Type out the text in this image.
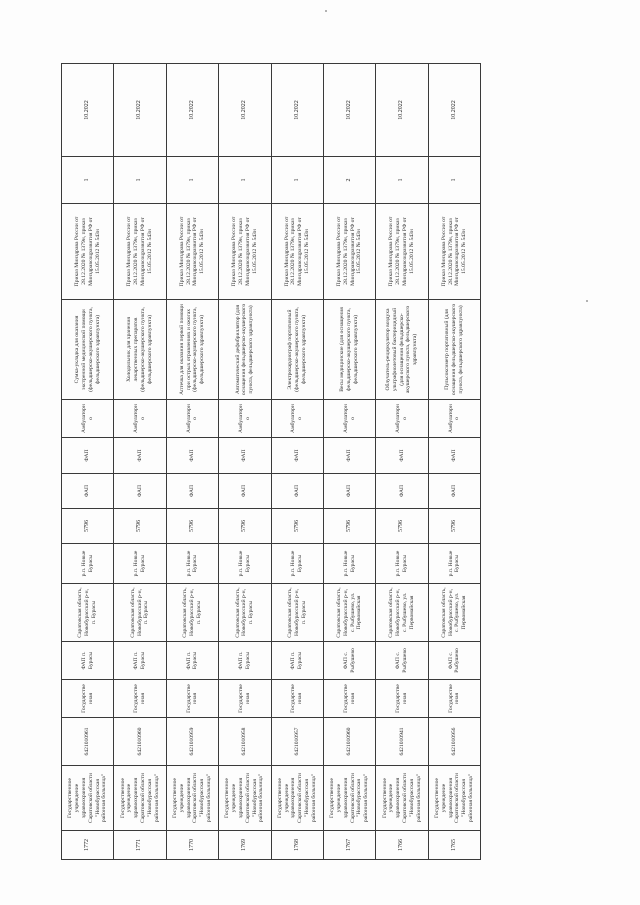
1772	Государственное учреждение здравоохранения Саратовской области "Новобурасская районная больница"	6421010961	Государственная	ФАП п. Бурасы	Саратовская область, Новобурасский р-н, п. Бурасы	р.п. Новые Бурасы	5796	ФАП	ФАП	Амбулаторно	Сумка-укладка для оказания экстренной медицинской помощи (фельдшерско-акушерского пункта, фельдшерского здравпункта)	Приказ Минздрава России от 28.12.2020 № 1379н, приказ Минздравсоцразвития РФ от 15.05.2012 № 543н	1	10.2022
1771	Государственное учреждение здравоохранения Саратовской области "Новобурасская районная больница"	6421010960	Государственная	ФАП п. Бурасы	Саратовская область, Новобурасский р-н, п. Бурасы	р.п. Новые Бурасы	5796	ФАП	ФАП	Амбулаторно	Холодильник для хранения лекарственных препаратов (фельдшерско-акушерского пункта, фельдшерского здравпункта)	Приказ Минздрава России от 28.12.2020 № 1379н, приказ Минздравсоцразвития РФ от 15.05.2012 № 543н	1	10.2022
1770	Государственное учреждение здравоохранения Саратовской области "Новобурасская районная больница"	6421010959	Государственная	ФАП п. Бурасы	Саратовская область, Новобурасский р-н, п. Бурасы	р.п. Новые Бурасы	5796	ФАП	ФАП	Амбулаторно	Аптечка для оказания первой помощи при острых отравлениях и ожогах (фельдшерско-акушерского пункта, фельдшерского здравпункта)	Приказ Минздрава России от 28.12.2020 № 1379н, приказ Минздравсоцразвития РФ от 15.05.2012 № 543н	1	10.2022
1769	Государственное учреждение здравоохранения Саратовской области "Новобурасская районная больница"	6421010958	Государственная	ФАП п. Бурасы	Саратовская область, Новобурасский р-н, п. Бурасы	р.п. Новые Бурасы	5796	ФАП	ФАП	Амбулаторно	Автоматический дефибриллятор (для оснащения фельдшерско-акушерского пункта, фельдшерского здравпункта)	Приказ Минздрава России от 28.12.2020 № 1379н, приказ Минздравсоцразвития РФ от 15.05.2012 № 543н	1	10.2022
1768	Государственное учреждение здравоохранения Саратовской области "Новобурасская районная больница"	6421010957	Государственная	ФАП п. Бурасы	Саратовская область, Новобурасский р-н, п. Бурасы	р.п. Новые Бурасы	5796	ФАП	ФАП	Амбулаторно	Электрокардиограф портативный (фельдшерско-акушерского пункта, фельдшерского здравпункта)	Приказ Минздрава России от 28.12.2020 № 1379н, приказ Минздравсоцразвития РФ от 15.05.2012 № 543н	1	10.2022
1767	Государственное учреждение здравоохранения Саратовской области "Новобурасская районная больница"	6421010960	Государственная	ФАП с. Рыбушево	Саратовская область, Новобурасский р-н, с. Рыбушево, ул. Первомайская	р.п. Новые Бурасы	5796	ФАП	ФАП	Амбулаторно	Весы медицинские (для оснащения фельдшерско-акушерского пункта, фельдшерского здравпункта)	Приказ Минздрава России от 28.12.2020 № 1379н, приказ Минздравсоцразвития РФ от 15.05.2012 № 543н	2	10.2022
1766	Государственное учреждение здравоохранения Саратовской области "Новобурасская районная больница"	6421010941	Государственная	ФАП с. Рыбушево	Саратовская область, Новобурасский р-н, с. Рыбушево, ул. Первомайская	р.п. Новые Бурасы	5796	ФАП	ФАП	Амбулаторно	Облучатель-рециркулятор воздуха ультрафиолетовый бактерицидный (для оснащения фельдшерско-акушерского пункта, фельдшерского здравпункта)	Приказ Минздрава России от 28.12.2020 № 1379н, приказ Минздравсоцразвития РФ от 15.05.2012 № 543н	1	10.2022
1765	Государственное учреждение здравоохранения Саратовской области "Новобурасская районная больница"	6421010956	Государственная	ФАП с. Рыбушево	Саратовская область, Новобурасский р-н, с. Рыбушево, ул. Первомайская	р.п. Новые Бурасы	5796	ФАП	ФАП	Амбулаторно	Пульсоксиметр портативный (для оснащения фельдшерско-акушерского пункта, фельдшерского здравпункта)	Приказ Минздрава России от 28.12.2020 № 1379н, приказ Минздравсоцразвития РФ от 15.05.2012 № 543н	1	10.2022
